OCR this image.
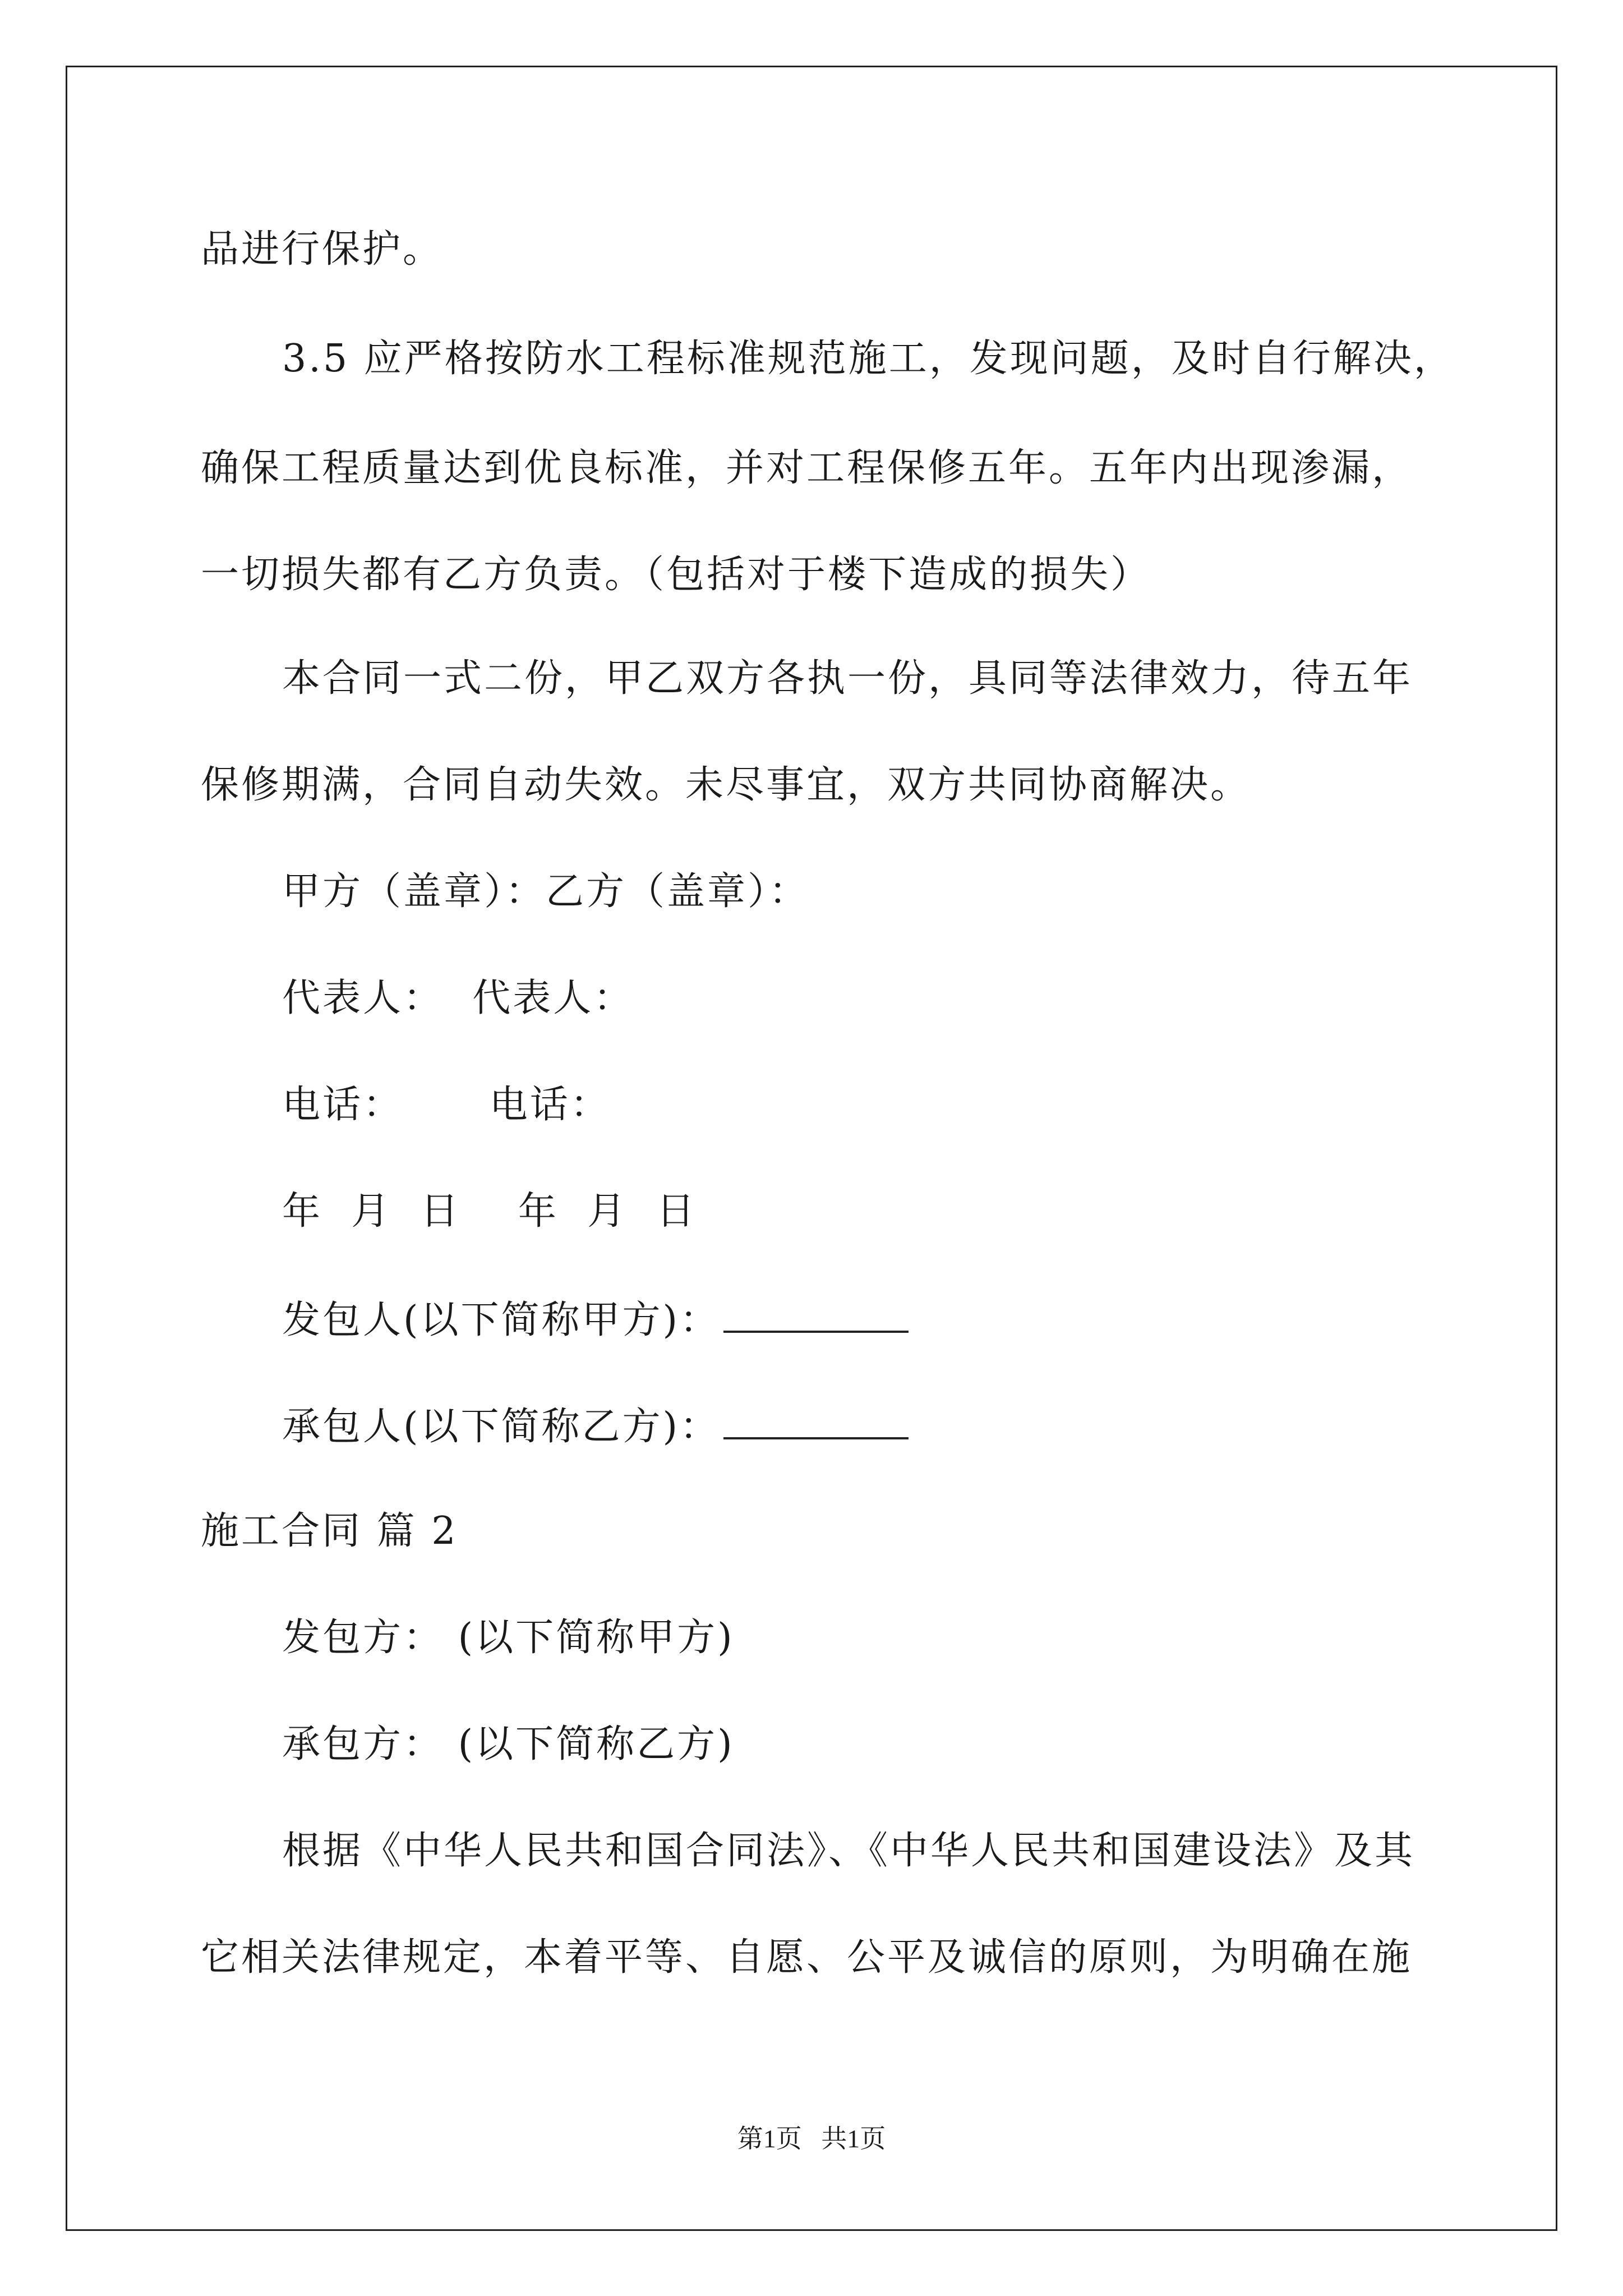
品进行保护。
3.5 应严格按防水工程标准规范施工，发现问题，及时自行解决，
确保工程质量达到优良标准，并对工程保修五年。五年内出现渗漏，
一切损失都有乙方负责。（包括对于楼下造成的损失）
本合同一式二份，甲乙双方各执一份，具同等法律效力，待五年
保修期满，合同自动失效。未尽事宜，双方共同协商解决。
甲方（盖章）：乙方（盖章）：
代表人：  代表人：
电话：      电话：
年  月  日    年  月  日
发包人(以下简称甲方)：
承包人(以下简称乙方)：
施工合同 篇 2
发包方： (以下简称甲方)
承包方： (以下简称乙方)
根据《中华人民共和国合同法》、《中华人民共和国建设法》及其
它相关法律规定，本着平等、自愿、公平及诚信的原则，为明确在施
第1页   共1页
